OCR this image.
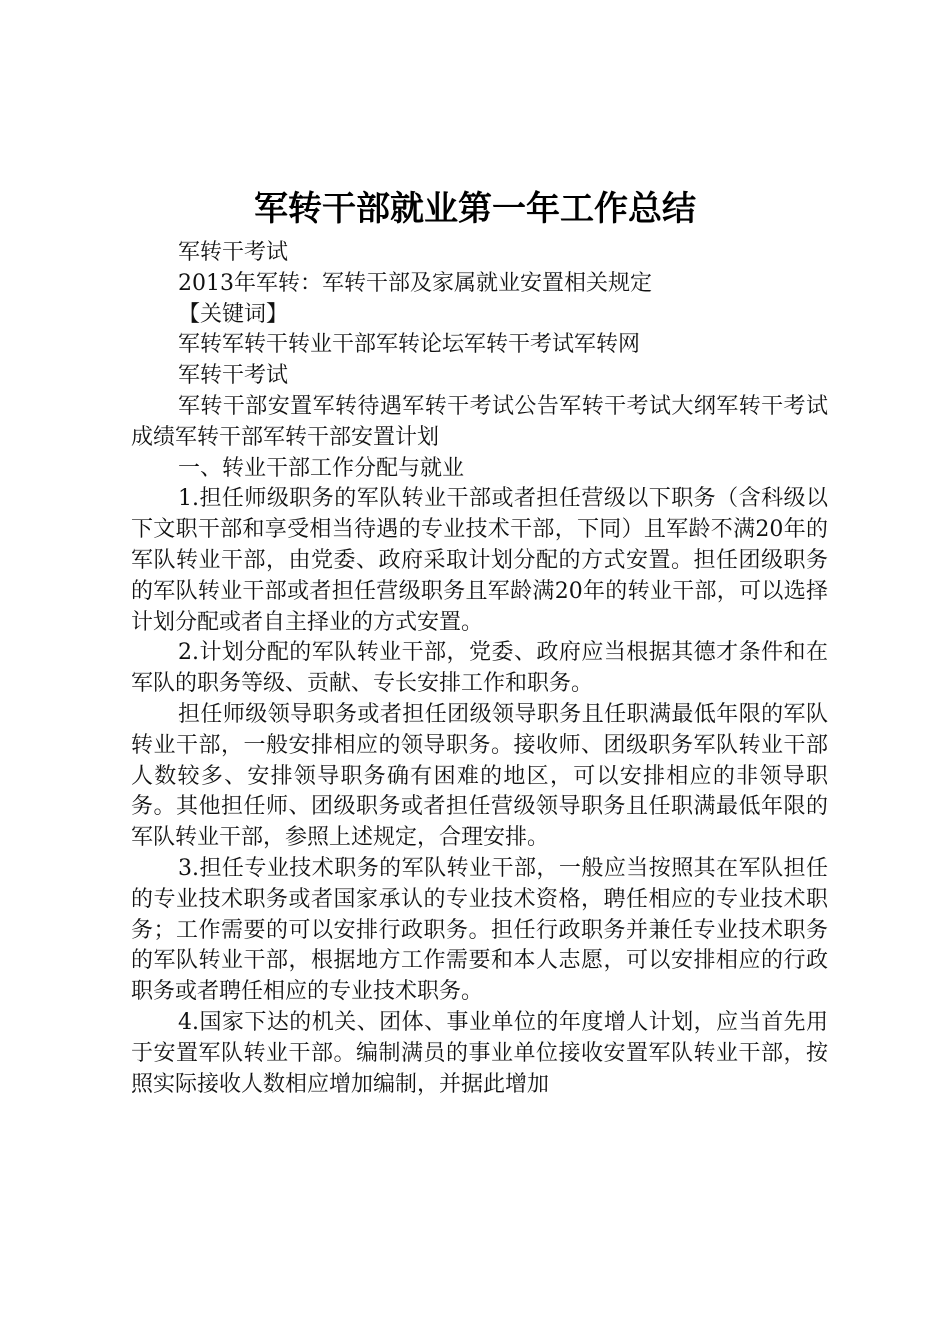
军转干部就业第一年工作总结

军转干考试

2013年军转：军转干部及家属就业安置相关规定

【关键词】

军转军转干转业干部军转论坛军转干考试军转网

军转干考试

军转干部安置军转待遇军转干考试公告军转干考试大纲军转干考试成绩军转干部军转干部安置计划

一、转业干部工作分配与就业

1.担任师级职务的军队转业干部或者担任营级以下职务（含科级以下文职干部和享受相当待遇的专业技术干部，下同）且军龄不满20年的军队转业干部，由党委、政府采取计划分配的方式安置。担任团级职务的军队转业干部或者担任营级职务且军龄满20年的转业干部，可以选择计划分配或者自主择业的方式安置。

2.计划分配的军队转业干部，党委、政府应当根据其德才条件和在军队的职务等级、贡献、专长安排工作和职务。

担任师级领导职务或者担任团级领导职务且任职满最低年限的军队转业干部，一般安排相应的领导职务。接收师、团级职务军队转业干部人数较多、安排领导职务确有困难的地区，可以安排相应的非领导职务。其他担任师、团级职务或者担任营级领导职务且任职满最低年限的军队转业干部，参照上述规定，合理安排。

3.担任专业技术职务的军队转业干部，一般应当按照其在军队担任的专业技术职务或者国家承认的专业技术资格，聘任相应的专业技术职务；工作需要的可以安排行政职务。担任行政职务并兼任专业技术职务的军队转业干部，根据地方工作需要和本人志愿，可以安排相应的行政职务或者聘任相应的专业技术职务。

4.国家下达的机关、团体、事业单位的年度增人计划，应当首先用于安置军队转业干部。编制满员的事业单位接收安置军队转业干部，按照实际接收人数相应增加编制，并据此增加
